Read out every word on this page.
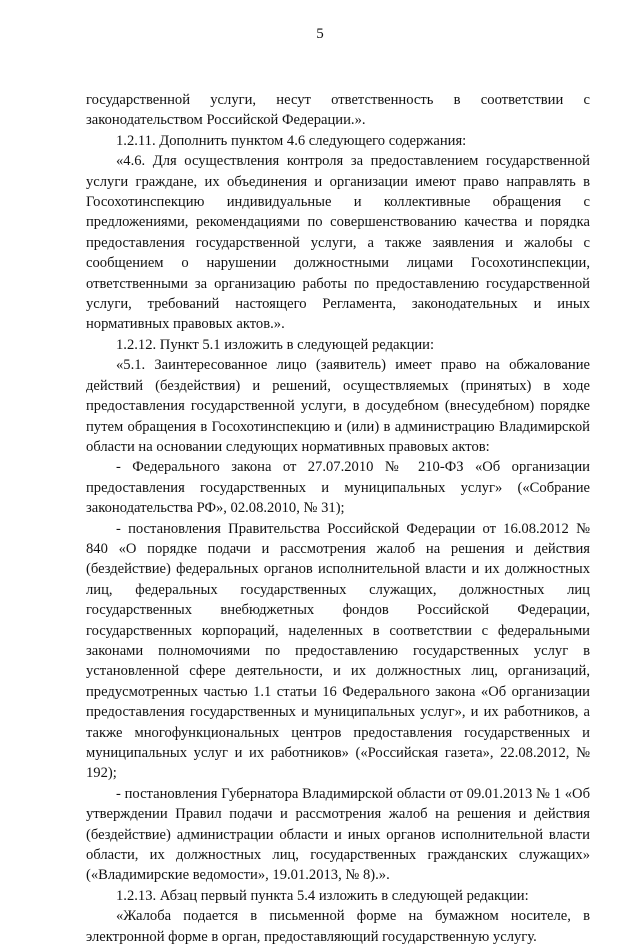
5

государственной услуги, несут ответственность в соответствии с законодательством Российской Федерации.».

1.2.11. Дополнить пунктом 4.6 следующего содержания:

«4.6. Для осуществления контроля за предоставлением государственной услуги граждане, их объединения и организации имеют право направлять в Госохотинспекцию индивидуальные и коллективные обращения с предложениями, рекомендациями по совершенствованию качества и порядка предоставления государственной услуги, а также заявления и жалобы с сообщением о нарушении должностными лицами Госохотинспекции, ответственными за организацию работы по предоставлению государственной услуги, требований настоящего Регламента, законодательных и иных нормативных правовых актов.».

1.2.12. Пункт 5.1 изложить в следующей редакции:

«5.1. Заинтересованное лицо (заявитель) имеет право на обжалование действий (бездействия) и решений, осуществляемых (принятых) в ходе предоставления государственной услуги, в досудебном (внесудебном) порядке путем обращения в Госохотинспекцию и (или) в администрацию Владимирской области на основании следующих нормативных правовых актов:

- Федерального закона от 27.07.2010 № 210-ФЗ «Об организации предоставления государственных и муниципальных услуг» («Собрание законодательства РФ», 02.08.2010, № 31);

- постановления Правительства Российской Федерации от 16.08.2012 № 840 «О порядке подачи и рассмотрения жалоб на решения и действия (бездействие) федеральных органов исполнительной власти и их должностных лиц, федеральных государственных служащих, должностных лиц государственных внебюджетных фондов Российской Федерации, государственных корпораций, наделенных в соответствии с федеральными законами полномочиями по предоставлению государственных услуг в установленной сфере деятельности, и их должностных лиц, организаций, предусмотренных частью 1.1 статьи 16 Федерального закона «Об организации предоставления государственных и муниципальных услуг», и их работников, а также многофункциональных центров предоставления государственных и муниципальных услуг и их работников» («Российская газета», 22.08.2012, № 192);

- постановления Губернатора Владимирской области от 09.01.2013 № 1 «Об утверждении Правил подачи и рассмотрения жалоб на решения и действия (бездействие) администрации области и иных органов исполнительной власти области, их должностных лиц, государственных гражданских служащих» («Владимирские ведомости», 19.01.2013, № 8).».

1.2.13. Абзац первый пункта 5.4 изложить в следующей редакции:

«Жалоба подается в письменной форме на бумажном носителе, в электронной форме в орган, предоставляющий государственную услугу.
